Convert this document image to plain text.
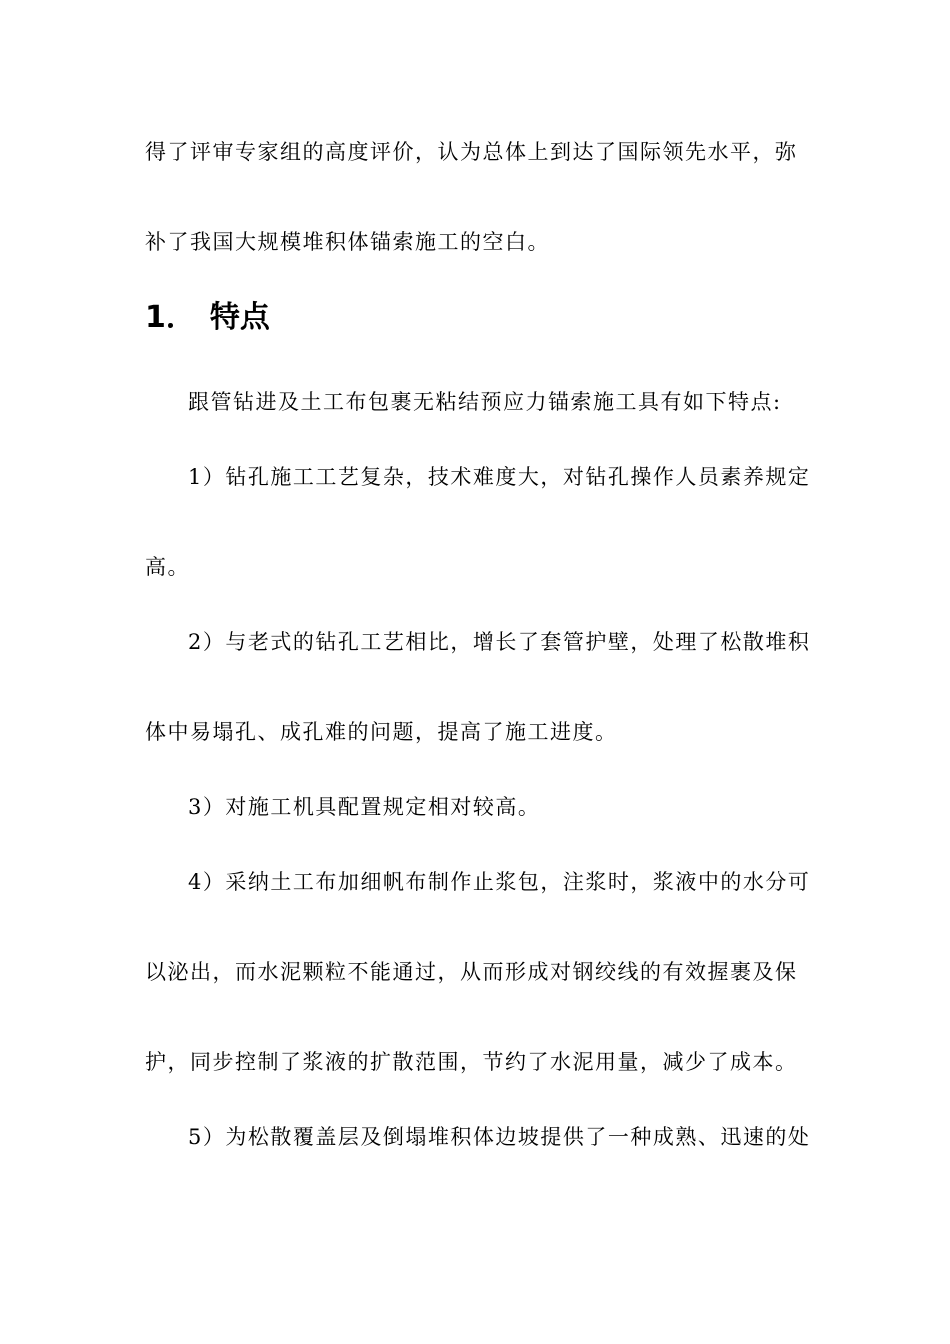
得了评审专家组的高度评价，认为总体上到达了国际领先水平，弥
补了我国大规模堆积体锚索施工的空白。
1． 特点
跟管钻进及土工布包裹无粘结预应力锚索施工具有如下特点:
1）钻孔施工工艺复杂，技术难度大，对钻孔操作人员素养规定
高。
2）与老式的钻孔工艺相比，增长了套管护壁，处理了松散堆积
体中易塌孔、成孔难的问题，提高了施工进度。
3）对施工机具配置规定相对较高。
4）采纳土工布加细帆布制作止浆包，注浆时，浆液中的水分可
以泌出，而水泥颗粒不能通过，从而形成对钢绞线的有效握裹及保
护，同步控制了浆液的扩散范围，节约了水泥用量，减少了成本。
5）为松散覆盖层及倒塌堆积体边坡提供了一种成熟、迅速的处
